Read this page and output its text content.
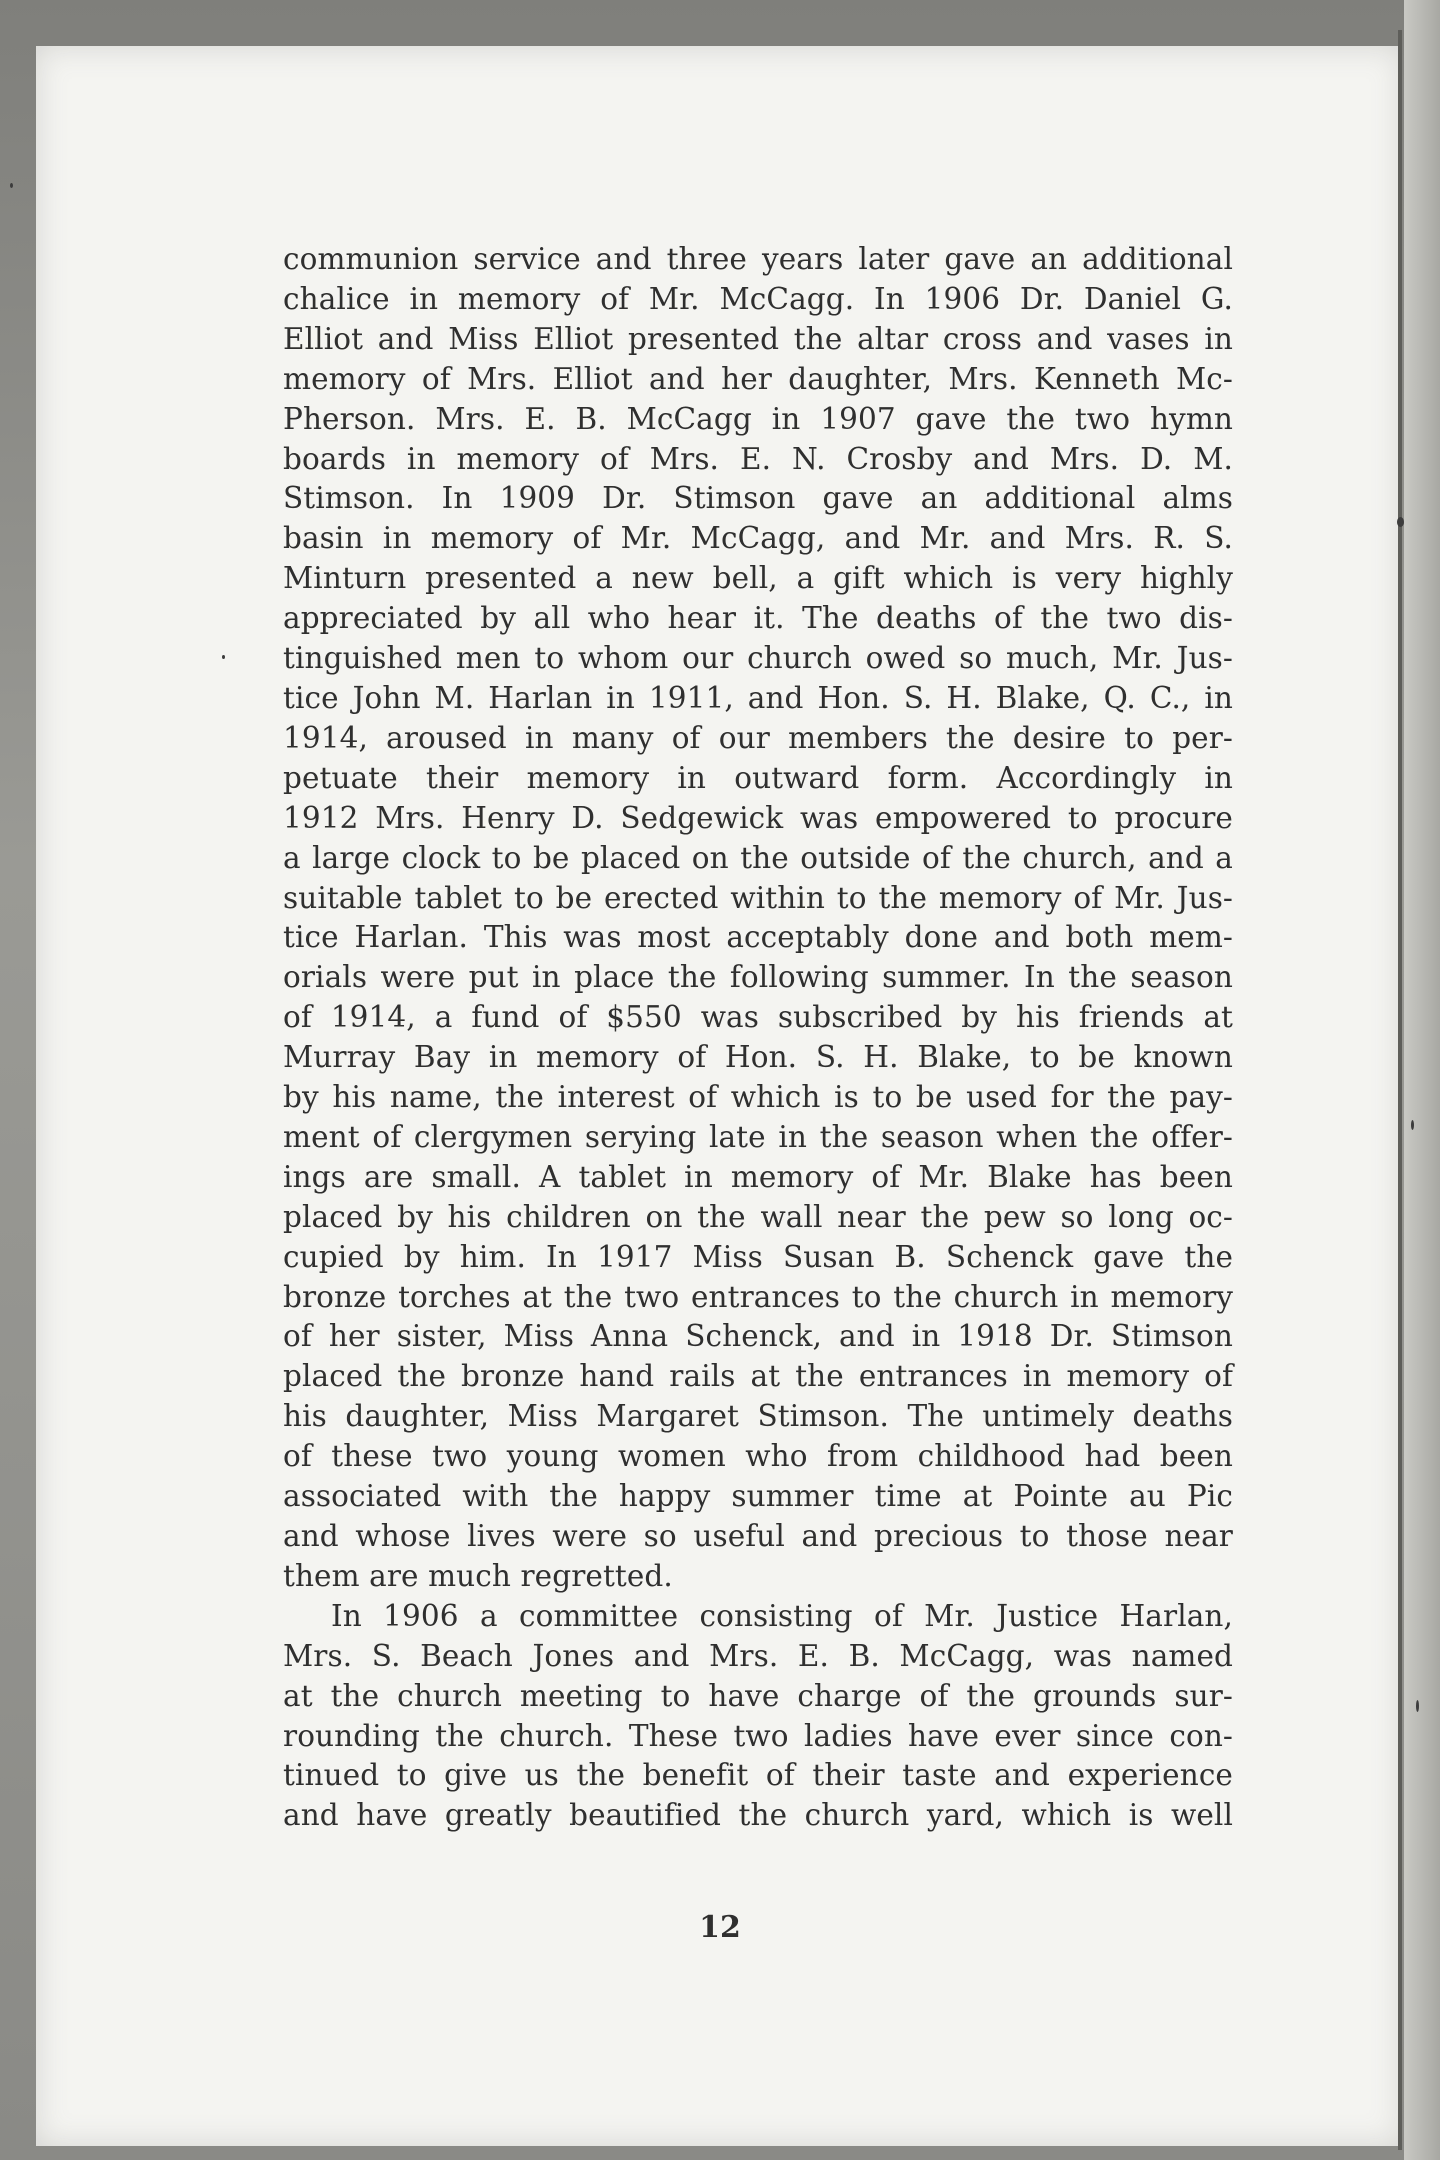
communion service and three years later gave an additional
chalice in memory of Mr. McCagg. In 1906 Dr. Daniel G.
Elliot and Miss Elliot presented the altar cross and vases in
memory of Mrs. Elliot and her daughter, Mrs. Kenneth Mc-
Pherson. Mrs. E. B. McCagg in 1907 gave the two hymn
boards in memory of Mrs. E. N. Crosby and Mrs. D. M.
Stimson. In 1909 Dr. Stimson gave an additional alms
basin in memory of Mr. McCagg, and Mr. and Mrs. R. S.
Minturn presented a new bell, a gift which is very highly
appreciated by all who hear it. The deaths of the two dis-
tinguished men to whom our church owed so much, Mr. Jus-
tice John M. Harlan in 1911, and Hon. S. H. Blake, Q. C., in
1914, aroused in many of our members the desire to per-
petuate their memory in outward form. Accordingly in
1912 Mrs. Henry D. Sedgewick was empowered to procure
a large clock to be placed on the outside of the church, and a
suitable tablet to be erected within to the memory of Mr. Jus-
tice Harlan. This was most acceptably done and both mem-
orials were put in place the following summer. In the season
of 1914, a fund of $550 was subscribed by his friends at
Murray Bay in memory of Hon. S. H. Blake, to be known
by his name, the interest of which is to be used for the pay-
ment of clergymen serying late in the season when the offer-
ings are small. A tablet in memory of Mr. Blake has been
placed by his children on the wall near the pew so long oc-
cupied by him. In 1917 Miss Susan B. Schenck gave the
bronze torches at the two entrances to the church in memory
of her sister, Miss Anna Schenck, and in 1918 Dr. Stimson
placed the bronze hand rails at the entrances in memory of
his daughter, Miss Margaret Stimson. The untimely deaths
of these two young women who from childhood had been
associated with the happy summer time at Pointe au Pic
and whose lives were so useful and precious to those near
them are much regretted.

In 1906 a committee consisting of Mr. Justice Harlan,
Mrs. S. Beach Jones and Mrs. E. B. McCagg, was named
at the church meeting to have charge of the grounds sur-
rounding the church. These two ladies have ever since con-
tinued to give us the benefit of their taste and experience
and have greatly beautified the church yard, which is well

12
